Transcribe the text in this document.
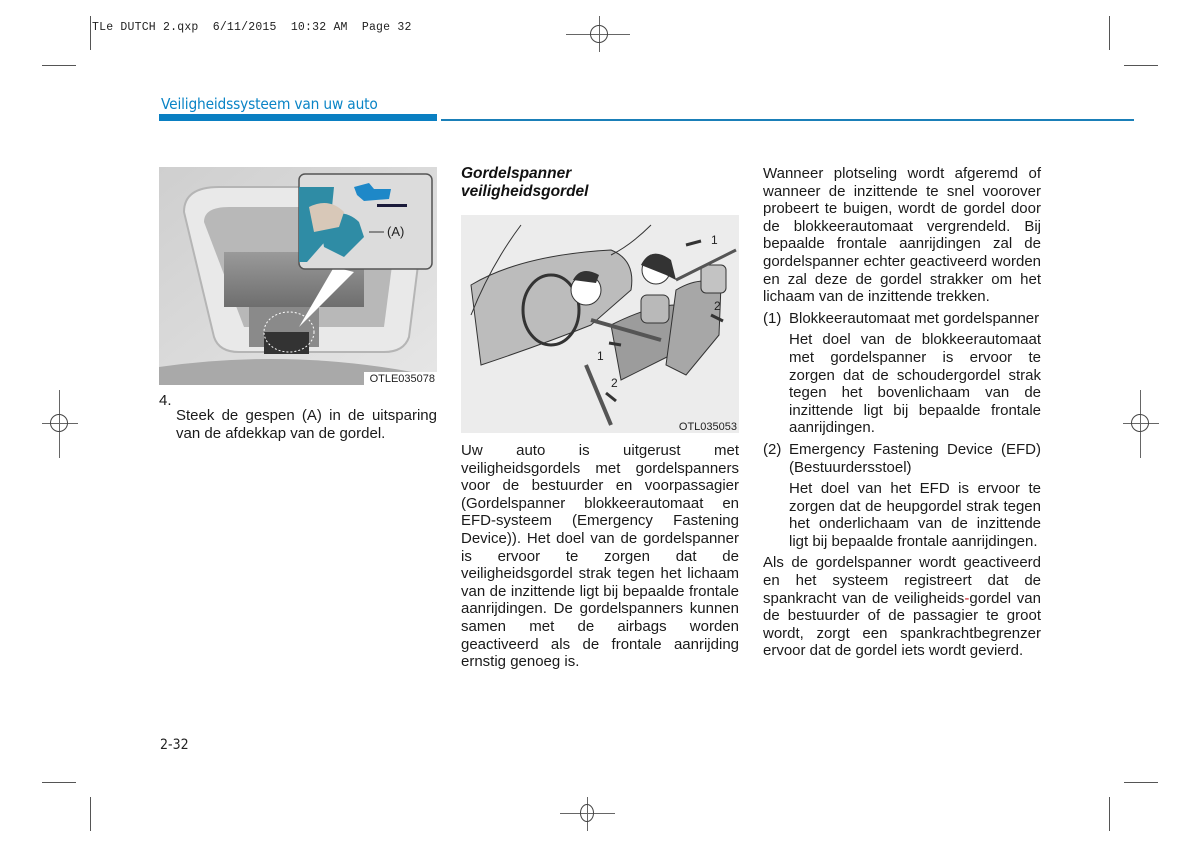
TLe DUTCH 2.qxp  6/11/2015  10:32 AM  Page 32
Veiligheidssysteem van uw auto
(A)
OTLE035078
4.

Steek de gespen (A) in de uitsparing van de afdekkap van de gordel.

Gordelspanner
veiligheidsgordel
1
2
1
2
OTL035053

Uw auto is uitgerust met veiligheidsgordels met gordelspanners voor de bestuurder en voorpassagier (Gordelspanner blokkeerautomaat en EFD-systeem (Emergency Fastening Device)). Het doel van de gordelspanner is ervoor te zorgen dat de veiligheidsgordel strak tegen het lichaam van de inzittende ligt bij bepaalde frontale aanrijdingen. De gordelspanners kunnen samen met de airbags worden geactiveerd als de frontale aanrijding ernstig genoeg is.

Wanneer plotseling wordt afgeremd of wanneer de inzittende te snel voorover probeert te buigen, wordt de gordel door de blokkeerautomaat vergrendeld. Bij bepaalde frontale aanrijdingen zal de gordelspanner echter geactiveerd worden en zal deze de gordel strakker om het lichaam van de inzittende trekken.

(1) Blokkeerautomaat met gordelspanner

Het doel van de blokkeerautomaat met gordelspanner is ervoor te zorgen dat de schoudergordel strak tegen het bovenlichaam van de inzittende ligt bij bepaalde frontale aanrijdingen.

(2) Emergency Fastening Device (EFD) (Bestuurdersstoel)

Het doel van het EFD is ervoor te zorgen dat de heupgordel strak tegen het onderlichaam van de inzittende ligt bij bepaalde frontale aanrijdingen.

Als de gordelspanner wordt geactiveerd en het systeem registreert dat de spankracht van de veiligheids-gordel van de bestuurder of de passagier te groot wordt, zorgt een spankrachtbegrenzer ervoor dat de gordel iets wordt gevierd.

2-32
